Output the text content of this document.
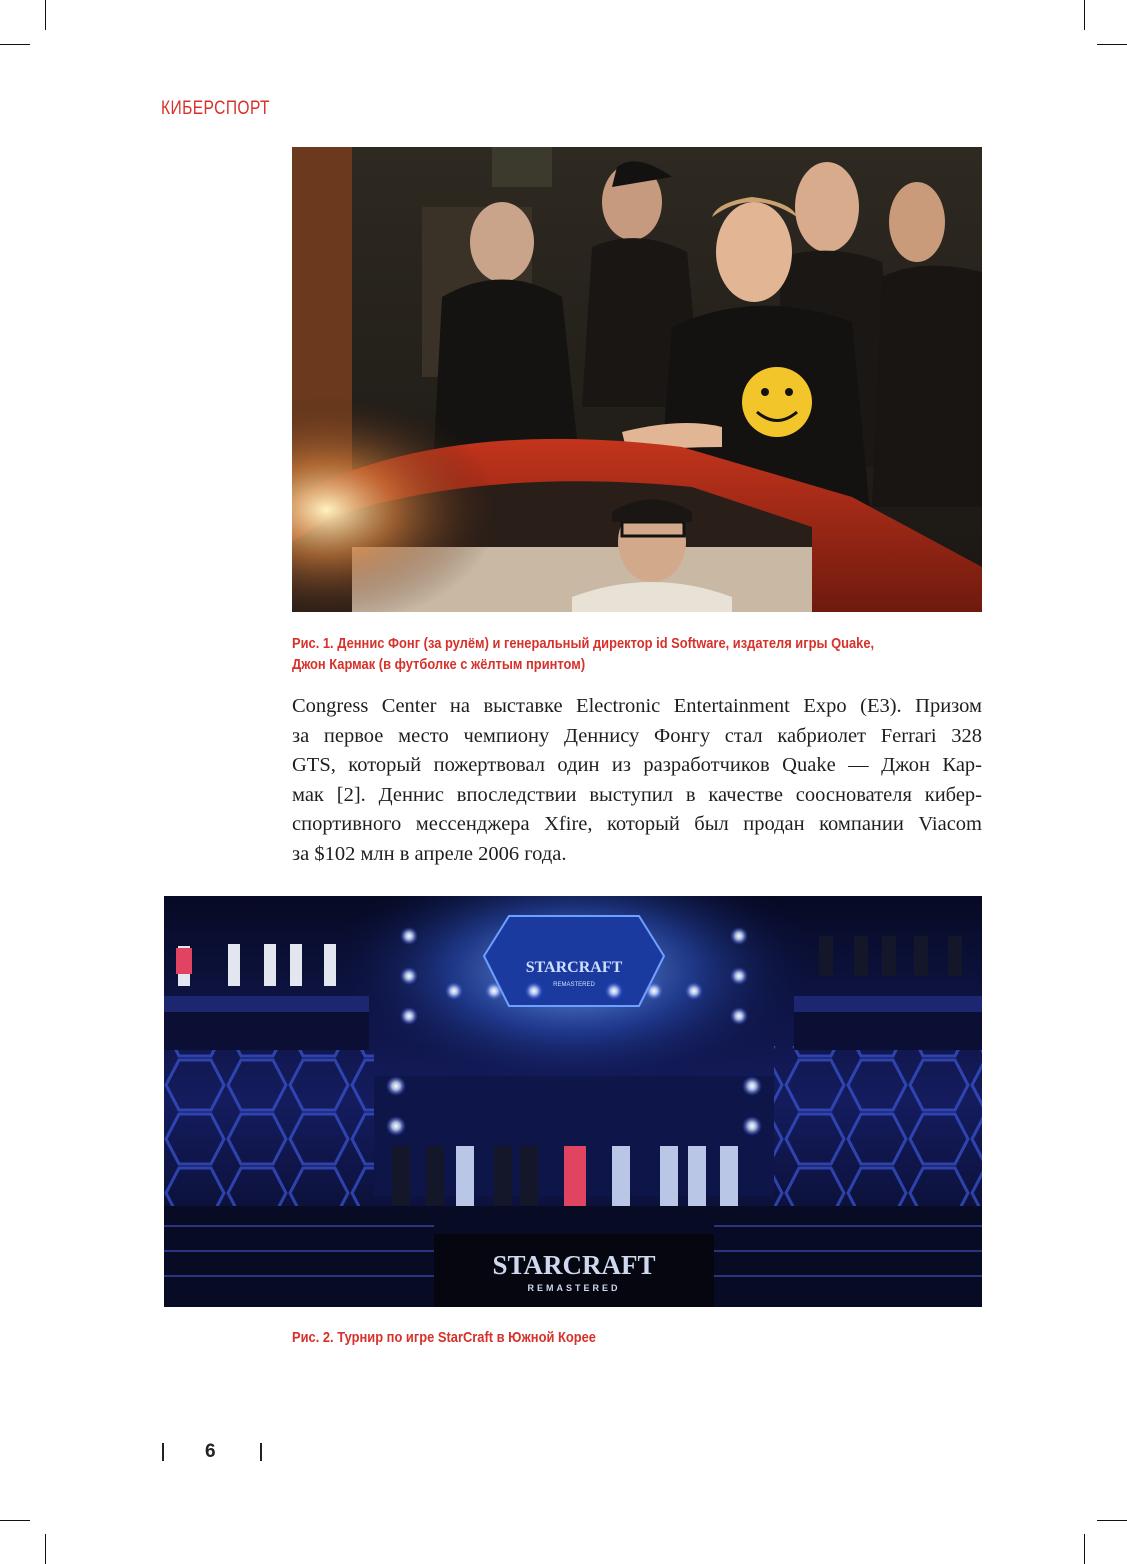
КИБЕРСПОРТ
Рис. 1. Деннис Фонг (за рулём) и генеральный директор id Software, издателя игры Quake,
Джон Кармак (в футболке с жёлтым принтом)
Congress Center на выставке Electronic Entertainment Expo (E3). Призом
за первое место чемпиону Деннису Фонгу стал кабриолет Ferrari 328
GTS, который пожертвовал один из разработчиков Quake — Джон Кар-
мак [2]. Деннис впоследствии выступил в качестве сооснователя кибер-
спортивного мессенджера Xfire, который был продан компании Viacom
за $102 млн в апреле 2006 года.
STARCRAFT
REMASTERED
STARCRAFT
REMASTERED
Рис. 2. Турнир по игре StarCraft в Южной Корее
6
